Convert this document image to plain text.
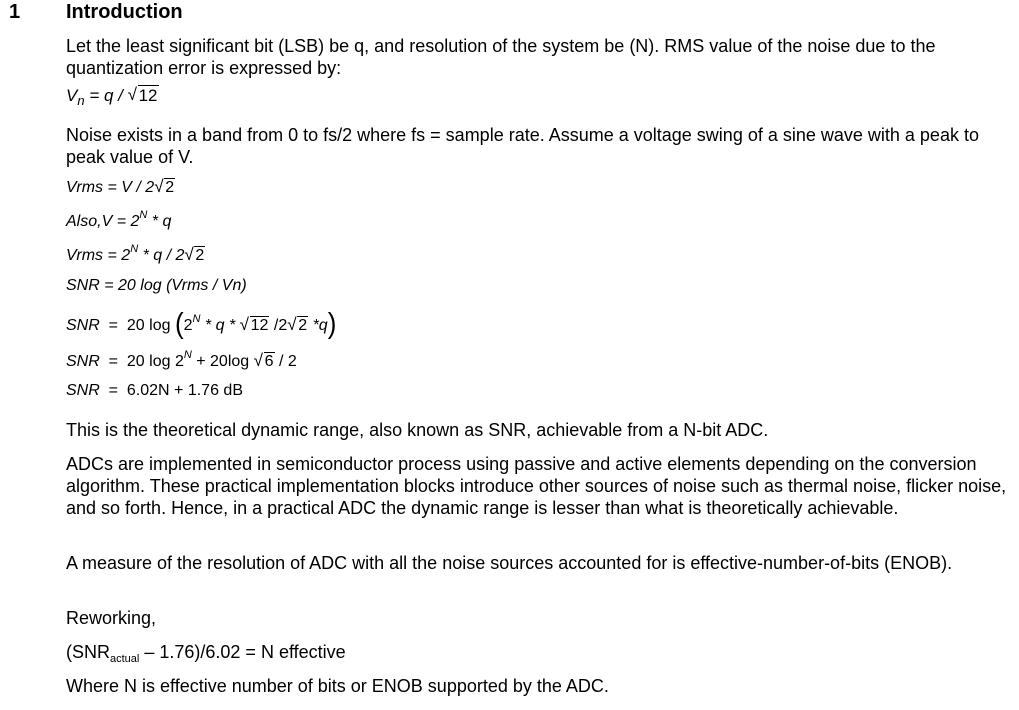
1 Introduction

Let the least significant bit (LSB) be q, and resolution of the system be (N). RMS value of the noise due to the quantization error is expressed by:

$V_n = q$ / √ 12

Noise exists in a band from 0 to fs/2 where fs = sample rate. Assume a voltage swing of a sine wave with a peak to peak value of V.

Vrms = V / 2 √ 2
Also,V = $2^N$ * q
Vrms = $2^N$ * q / 2 √ 2
SNR = 20 log (Vrms / Vn)
SNR = 20 $\log (2^N$ * q * √ 12 /2 √ 2 *q)
SNR = 20 $\log 2^N + 20\log$ √ 6 / 2
SNR = 6.02N + 1.76 dB

This is the theoretical dynamic range, also known as SNR, achievable from a N-bit ADC.

ADCs are implemented in semiconductor process using passive and active elements depending on the conversion algorithm. These practical implementation blocks introduce other sources of noise such as thermal noise, flicker noise, and so forth. Hence, in a practical ADC the dynamic range is lesser than what is theoretically achievable.

A measure of the resolution of ADC with all the noise sources accounted for is effective-number-of-bits (ENOB).

Reworking,

$(SNR_{actual} - 1.76)/6.02 = N$ effective

Where N is effective number of bits or ENOB supported by the ADC.
